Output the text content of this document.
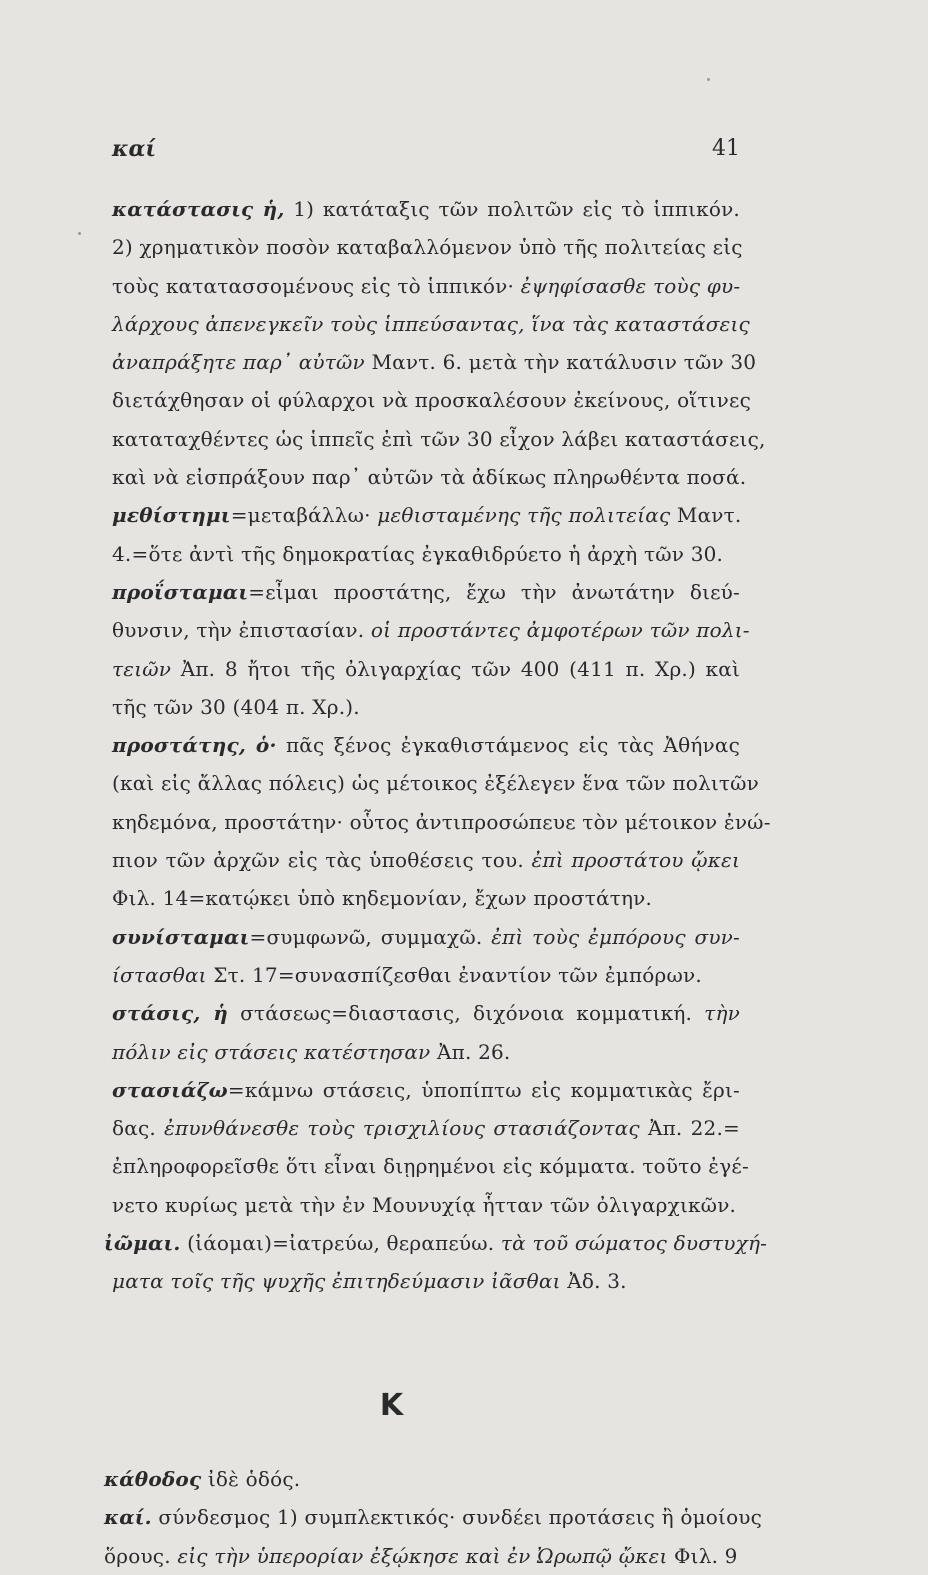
καί	41
κατάστασις ἡ, 1) κατάταξις τῶν πολιτῶν εἰς τὸ ἱππικόν.
2) χρηματικὸν ποσὸν καταβαλλόμενον ὑπὸ τῆς πολιτείας εἰς
τοὺς κατατασσομένους εἰς τὸ ἱππικόν· ἐψηφίσασθε τοὺς φυ-
λάρχους ἀπενεγκεῖν τοὺς ἱππεύσαντας, ἵνα τὰς καταστάσεις
ἀναπράξητε παρ᾿ αὐτῶν Μαντ. 6. μετὰ τὴν κατάλυσιν τῶν 30
διετάχθησαν οἱ φύλαρχοι νὰ προσκαλέσουν ἐκείνους, οἵτινες
καταταχθέντες ὡς ἱππεῖς ἐπὶ τῶν 30 εἶχον λάβει καταστάσεις,
καὶ νὰ εἰσπράξουν παρ᾿ αὐτῶν τὰ ἀδίκως πληρωθέντα ποσά.
μεθίστημι=μεταβάλλω· μεθισταμένης τῆς πολιτείας Μαντ.
4.=ὅτε ἀντὶ τῆς δημοκρατίας ἐγκαθιδρύετο ἡ ἀρχὴ τῶν 30.
προΐσταμαι=εἶμαι προστάτης, ἔχω τὴν ἀνωτάτην διεύ-
θυνσιν, τὴν ἐπιστασίαν. οἱ προστάντες ἀμφοτέρων τῶν πολι-
τειῶν Ἀπ. 8 ἤτοι τῆς ὀλιγαρχίας τῶν 400 (411 π. Χρ.) καὶ
τῆς τῶν 30 (404 π. Χρ.).
προστάτης, ὁ· πᾶς ξένος ἐγκαθιστάμενος εἰς τὰς Ἀθήνας
(καὶ εἰς ἄλλας πόλεις) ὡς μέτοικος ἐξέλεγεν ἕνα τῶν πολιτῶν
κηδεμόνα, προστάτην· οὗτος ἀντιπροσώπευε τὸν μέτοικον ἐνώ-
πιον τῶν ἀρχῶν εἰς τὰς ὑποθέσεις του. ἐπὶ προστάτου ᾤκει
Φιλ. 14=κατῴκει ὑπὸ κηδεμονίαν, ἔχων προστάτην.
συνίσταμαι=συμφωνῶ, συμμαχῶ. ἐπὶ τοὺς ἐμπόρους συν-
ίστασθαι Στ. 17=συνασπίζεσθαι ἐναντίον τῶν ἐμπόρων.
στάσις, ἡ στάσεως=διαστασις, διχόνοια κομματική. τὴν
πόλιν εἰς στάσεις κατέστησαν Ἀπ. 26.
στασιάζω=κάμνω στάσεις, ὑποπίπτω εἰς κομματικὰς ἔρι-
δας. ἐπυνθάνεσθε τοὺς τρισχιλίους στασιάζοντας Ἀπ. 22.=
ἐπληροφορεῖσθε ὅτι εἶναι διῃρημένοι εἰς κόμματα. τοῦτο ἐγέ-
νετο κυρίως μετὰ τὴν ἐν Μουνυχίᾳ ἧτταν τῶν ὀλιγαρχικῶν.
ἰῶμαι. (ἰάομαι)=ἰατρεύω, θεραπεύω. τὰ τοῦ σώματος δυστυχή-
ματα τοῖς τῆς ψυχῆς ἐπιτηδεύμασιν ἰᾶσθαι Ἀδ. 3.
Κ
κάθοδος ἰδὲ ὁδός.
καί. σύνδεσμος 1) συμπλεκτικός· συνδέει προτάσεις ἢ ὁμοίους
ὅρους. εἰς τὴν ὑπερορίαν ἐξῴκησε καὶ ἐν Ὠρωπῷ ᾤκει Φιλ. 9
